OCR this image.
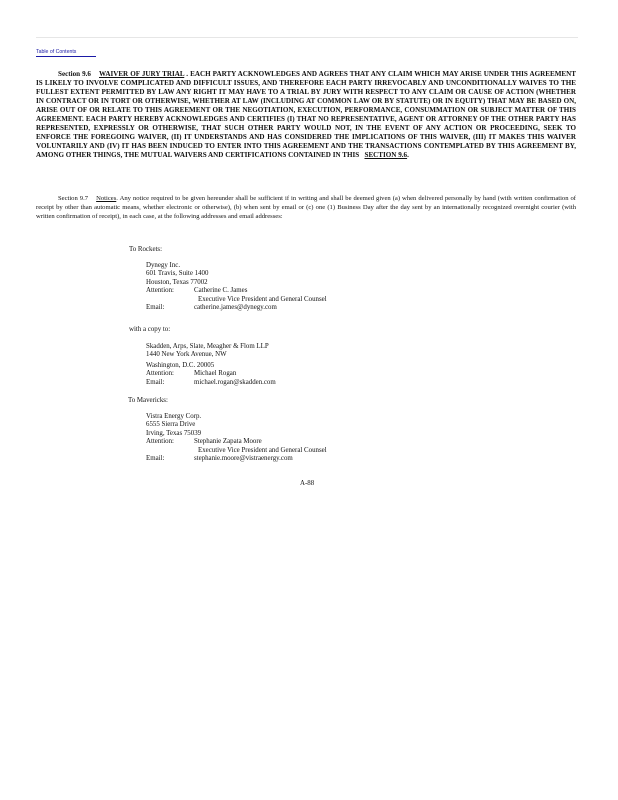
Table of Contents
Section 9.6 WAIVER OF JURY TRIAL . EACH PARTY ACKNOWLEDGES AND AGREES THAT ANY CLAIM WHICH MAY ARISE UNDER THIS AGREEMENT IS LIKELY TO INVOLVE COMPLICATED AND DIFFICULT ISSUES, AND THEREFORE EACH PARTY IRREVOCABLY AND UNCONDITIONALLY WAIVES TO THE FULLEST EXTENT PERMITTED BY LAW ANY RIGHT IT MAY HAVE TO A TRIAL BY JURY WITH RESPECT TO ANY CLAIM OR CAUSE OF ACTION (WHETHER IN CONTRACT OR IN TORT OR OTHERWISE, WHETHER AT LAW (INCLUDING AT COMMON LAW OR BY STATUTE) OR IN EQUITY) THAT MAY BE BASED ON, ARISE OUT OF OR RELATE TO THIS AGREEMENT OR THE NEGOTIATION, EXECUTION, PERFORMANCE, CONSUMMATION OR SUBJECT MATTER OF THIS AGREEMENT. EACH PARTY HEREBY ACKNOWLEDGES AND CERTIFIES (I) THAT NO REPRESENTATIVE, AGENT OR ATTORNEY OF THE OTHER PARTY HAS REPRESENTED, EXPRESSLY OR OTHERWISE, THAT SUCH OTHER PARTY WOULD NOT, IN THE EVENT OF ANY ACTION OR PROCEEDING, SEEK TO ENFORCE THE FOREGOING WAIVER, (II) IT UNDERSTANDS AND HAS CONSIDERED THE IMPLICATIONS OF THIS WAIVER, (III) IT MAKES THIS WAIVER VOLUNTARILY AND (IV) IT HAS BEEN INDUCED TO ENTER INTO THIS AGREEMENT AND THE TRANSACTIONS CONTEMPLATED BY THIS AGREEMENT BY, AMONG OTHER THINGS, THE MUTUAL WAIVERS AND CERTIFICATIONS CONTAINED IN THIS SECTION 9.6.
Section 9.7 Notices. Any notice required to be given hereunder shall be sufficient if in writing and shall be deemed given (a) when delivered personally by hand (with written confirmation of receipt by other than automatic means, whether electronic or otherwise), (b) when sent by email or (c) one (1) Business Day after the day sent by an internationally recognized overnight courier (with written confirmation of receipt), in each case, at the following addresses and email addresses:
To Rockets:
Dynegy Inc.
601 Travis, Suite 1400
Houston, Texas 77002
Attention:	Catherine C. James
Executive Vice President and General Counsel
Email:	catherine.james@dynegy.com
with a copy to:
Skadden, Arps, Slate, Meagher & Flom LLP
1440 New York Avenue, NW
Washington, D.C. 20005
Attention:	Michael Rogan
Email:	michael.rogan@skadden.com
To Mavericks:
Vistra Energy Corp.
6555 Sierra Drive
Irving, Texas 75039
Attention:	Stephanie Zapata Moore
Executive Vice President and General Counsel
Email:	stephanie.moore@vistraenergy.com
A-88
